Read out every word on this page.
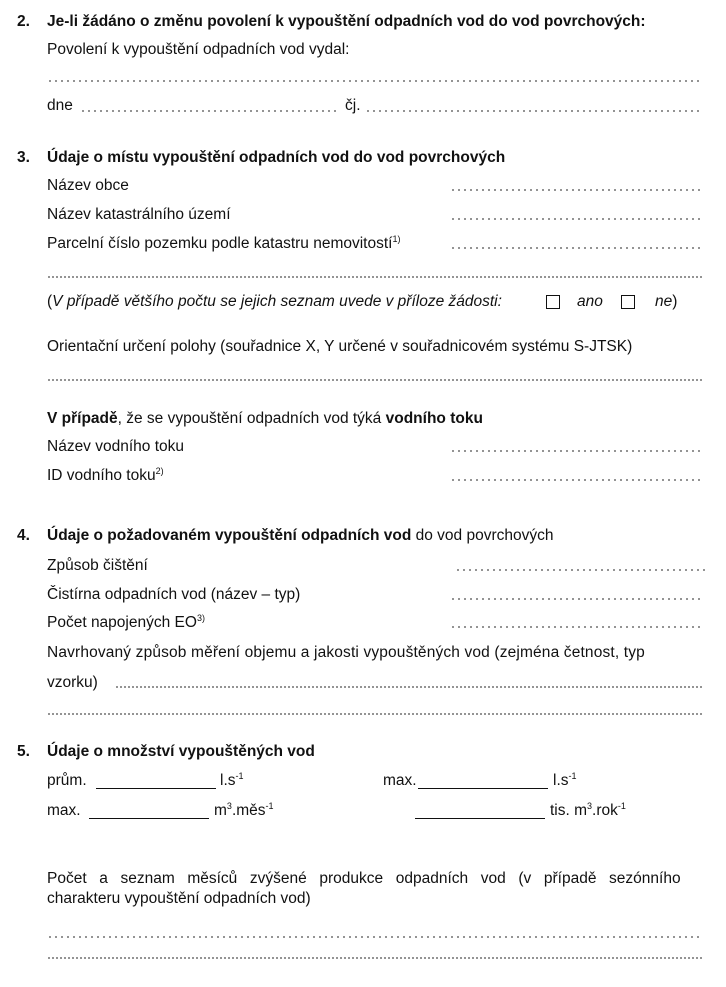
2. Je-li žádáno o změnu povolení k vypouštění odpadních vod do vod povrchových:
Povolení k vypouštění odpadních vod vydal:
dne	čj.
3. Údaje o místu vypouštění odpadních vod do vod povrchových
Název obce
Název katastrálního území
Parcelní číslo pozemku podle katastru nemovitostí$^{1)}$
(V případě většího počtu se jejich seznam uvede v příloze žádosti:	ano	ne)
Orientační určení polohy (souřadnice X, Y určené v souřadnicovém systému S-JTSK)
V případě, že se vypouštění odpadních vod týká vodního toku
Název vodního toku
ID vodního toku$^{2)}$
4. Údaje o požadovaném vypouštění odpadních vod do vod povrchových
Způsob čištění
Čistírna odpadních vod (název – typ)
Počet napojených EO$^{3)}$
Navrhovaný způsob měření objemu a jakosti vypouštěných vod (zejména četnost, typ
vzorku)
5. Údaje o množství vypouštěných vod
prům.	$l.s^{-1}$	max.	$l.s^{-1}$
max.	$m^3.měs^{-1}$	tis. $m^3.rok^{-1}$
Počet a seznam měsíců zvýšené produkce odpadních vod (v případě sezónního
charakteru vypouštění odpadních vod)
